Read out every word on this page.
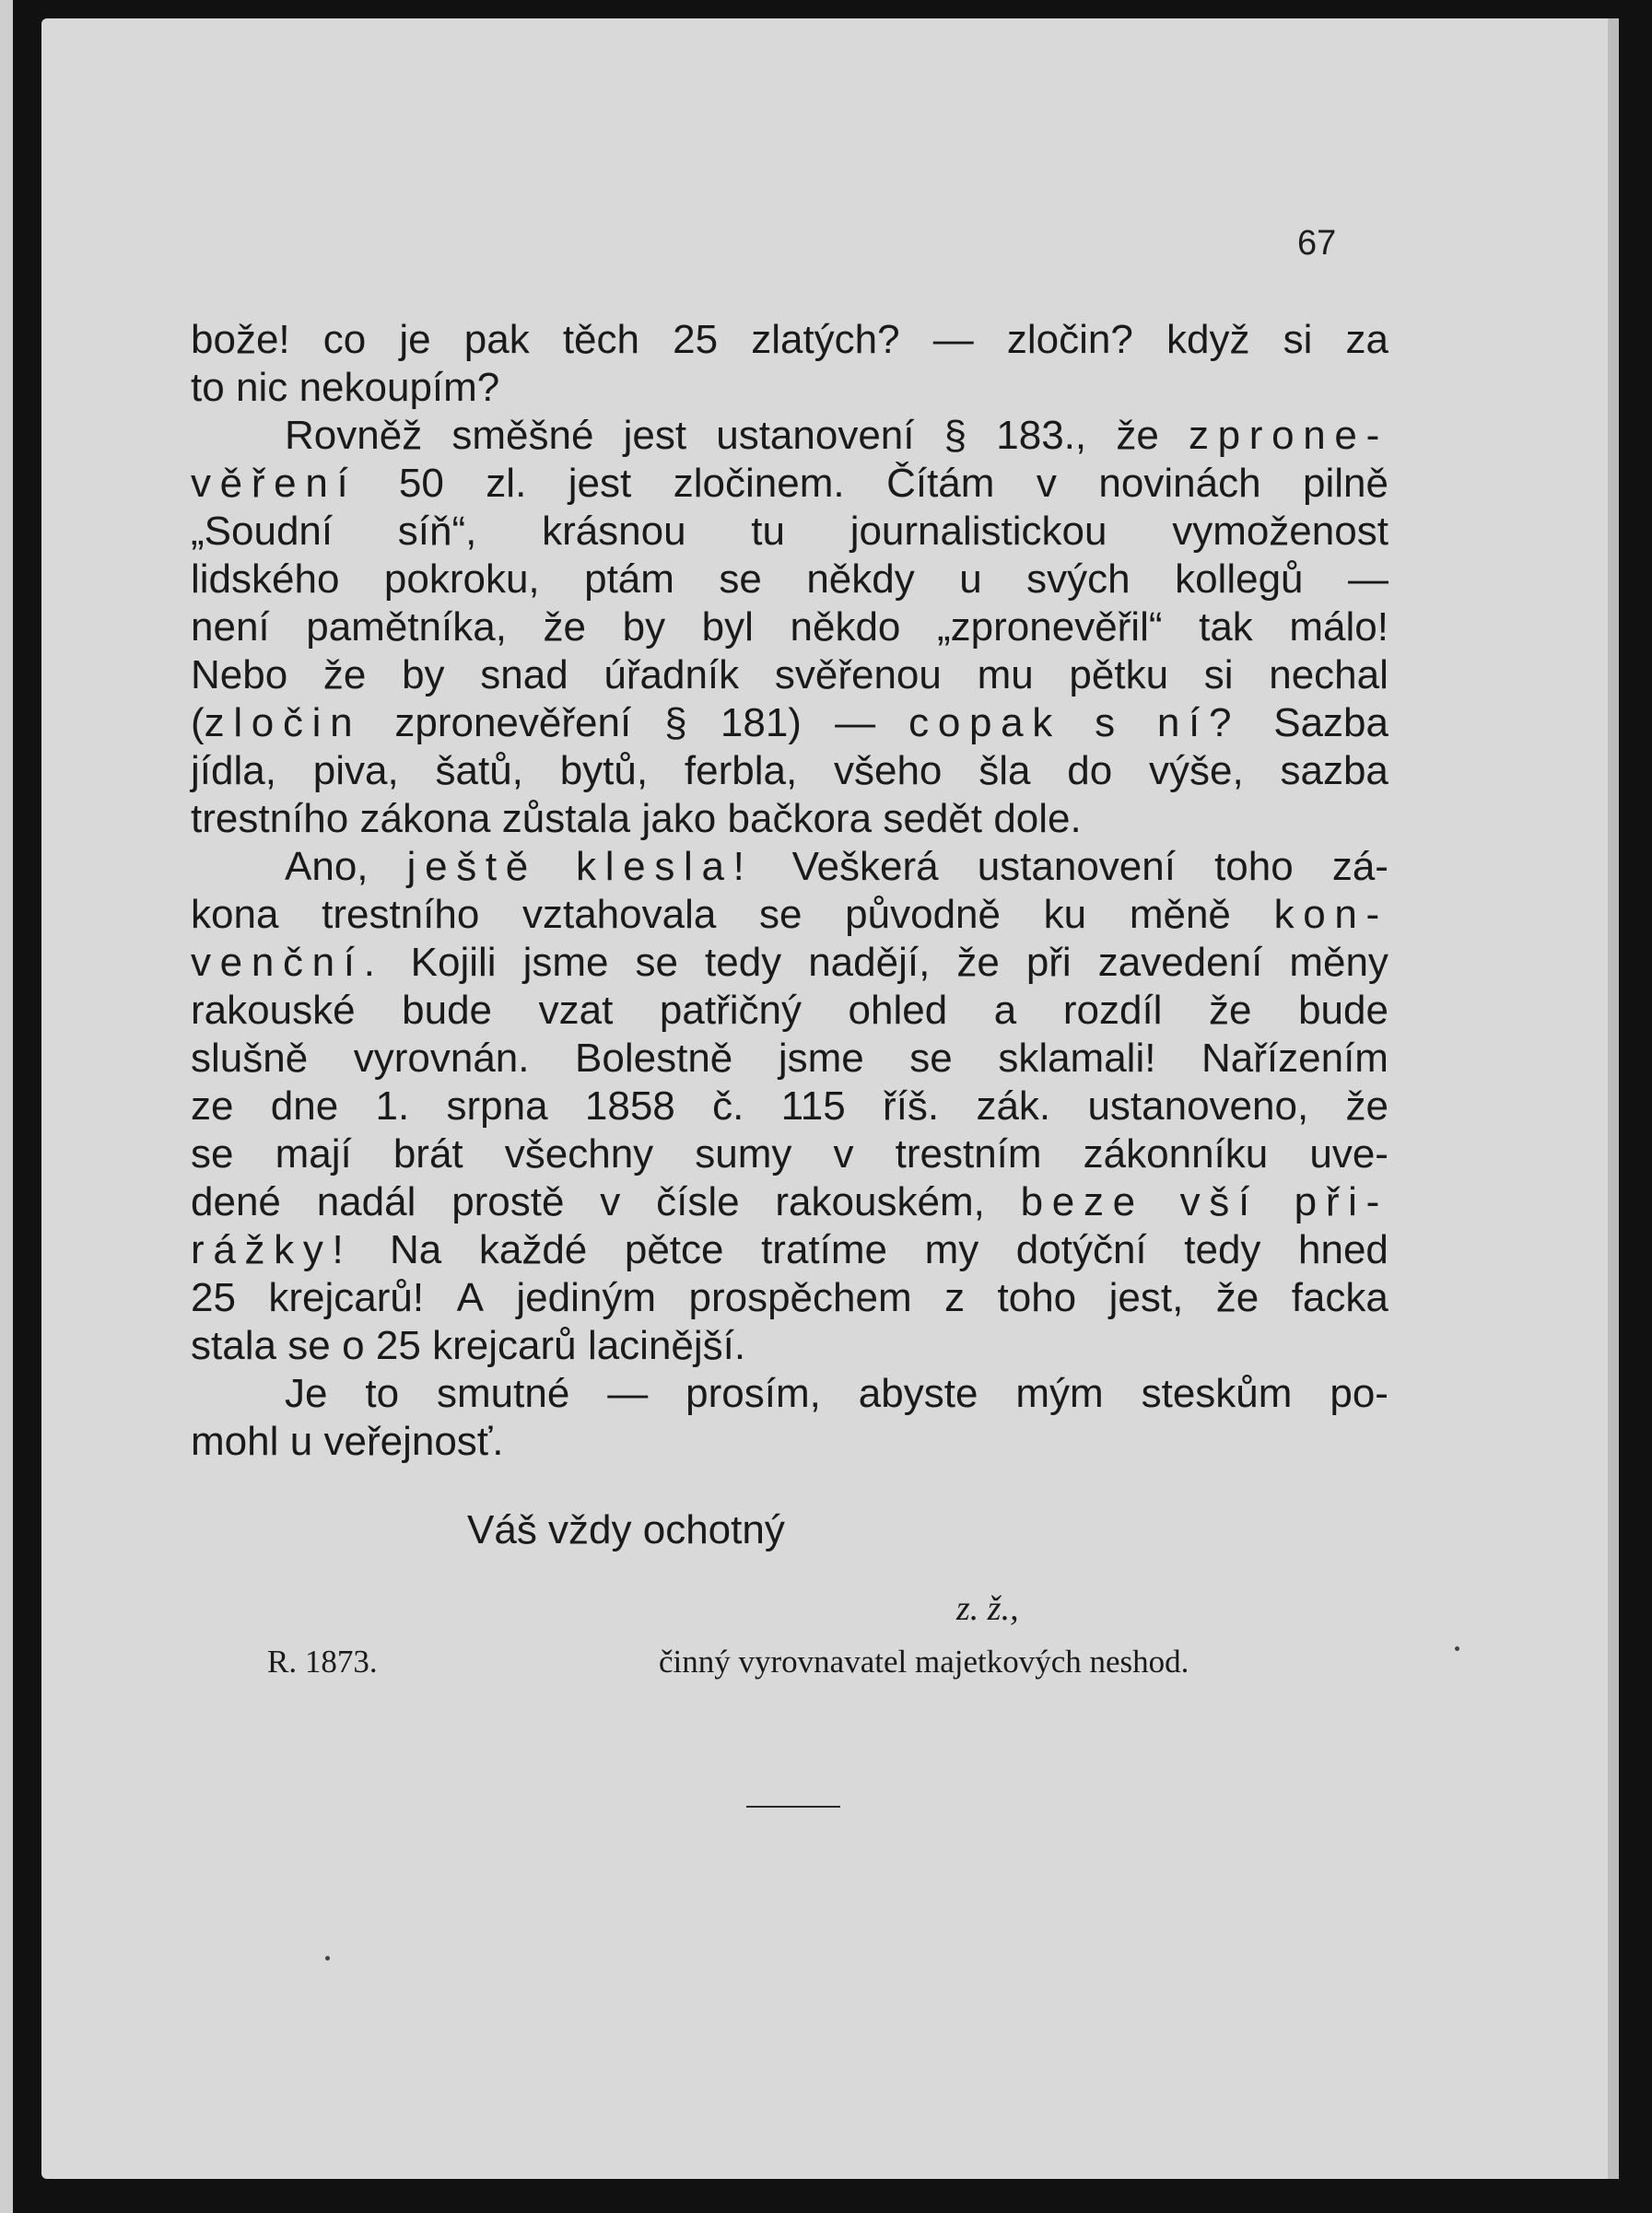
67
bože! co je pak těch 25 zlatých? — zločin? když si za
to nic nekoupím?
Rovněž směšné jest ustanovení § 183., že zprone-
věření 50 zl. jest zločinem. Čítám v novinách pilně
„Soudní síň“, krásnou tu journalistickou vymoženost
lidského pokroku, ptám se někdy u svých kollegů —
není pamětníka, že by byl někdo „zpronevěřil“ tak málo!
Nebo že by snad úřadník svěřenou mu pětku si nechal
(zločin zpronevěření § 181) — copak s ní? Sazba
jídla, piva, šatů, bytů, ferbla, všeho šla do výše, sazba
trestního zákona zůstala jako bačkora sedět dole.
Ano, ještě klesla! Veškerá ustanovení toho zá-
kona trestního vztahovala se původně ku měně kon-
venční. Kojili jsme se tedy nadějí, že při zavedení měny
rakouské bude vzat patřičný ohled a rozdíl že bude
slušně vyrovnán. Bolestně jsme se sklamali! Nařízením
ze dne 1. srpna 1858 č. 115 říš. zák. ustanoveno, že
se mají brát všechny sumy v trestním zákonníku uve-
dené nadál prostě v čísle rakouském, beze vší při-
rážky! Na každé pětce tratíme my dotýční tedy hned
25 krejcarů! A jediným prospěchem z toho jest, že facka
stala se o 25 krejcarů lacinější.
Je to smutné — prosím, abyste mým steskům po-
mohl u veřejnosť.
Váš vždy ochotný
z. ž.,
R. 1873.	činný vyrovnavatel majetkových neshod.
